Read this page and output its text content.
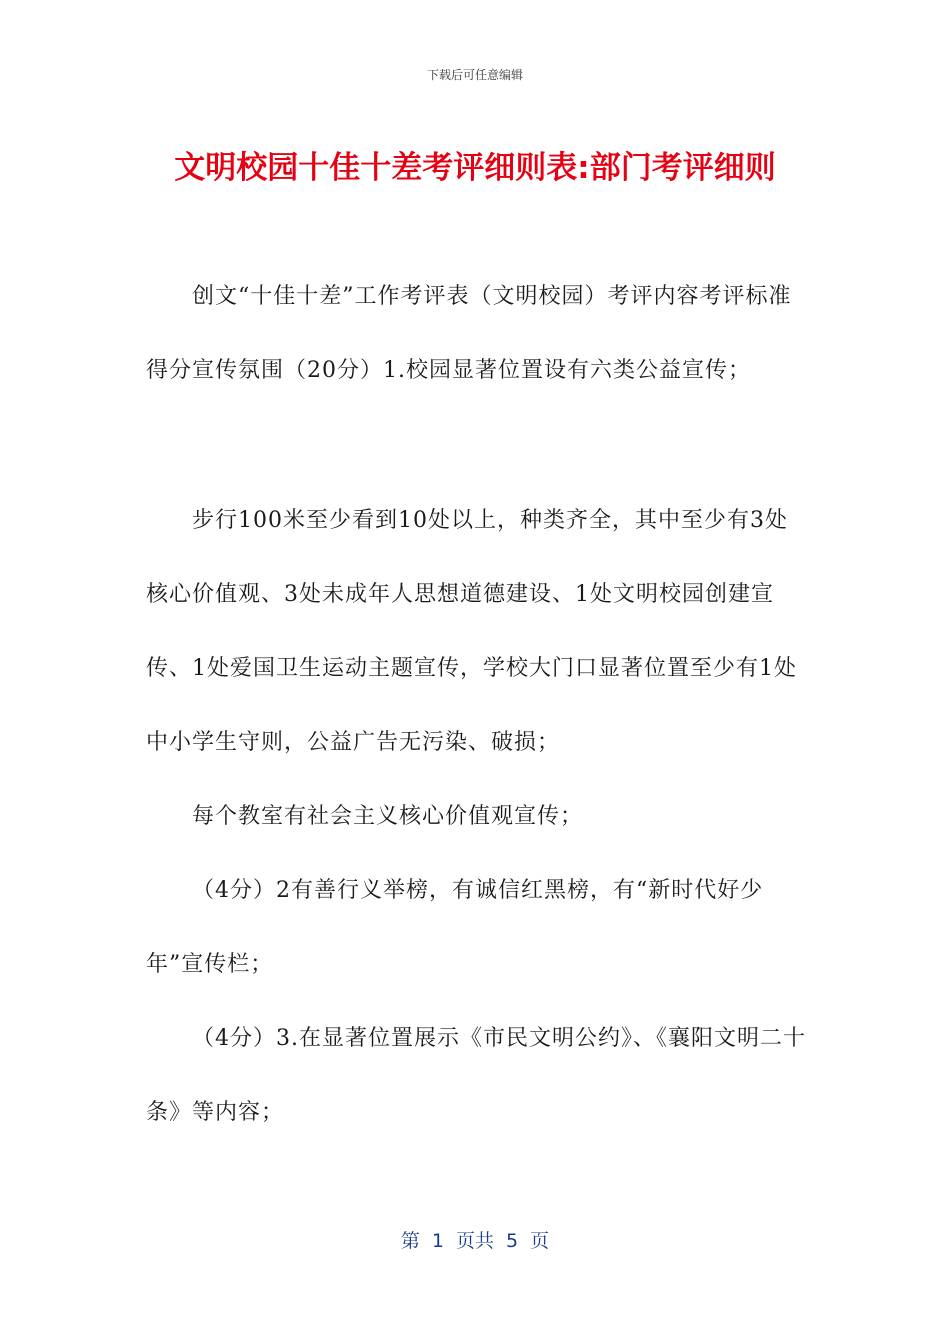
下载后可任意编辑
文明校园十佳十差考评细则表:部门考评细则

创文“十佳十差”工作考评表（文明校园）考评内容考评标准得分宣传氛围（20分）1.校园显著位置设有六类公益宣传；

步行100米至少看到10处以上，种类齐全，其中至少有3处核心价值观、3处未成年人思想道德建设、1处文明校园创建宣传、1处爱国卫生运动主题宣传，学校大门口显著位置至少有1处中小学生守则，公益广告无污染、破损；

每个教室有社会主义核心价值观宣传；

（4分）2有善行义举榜，有诚信红黑榜，有“新时代好少年”宣传栏；

（4分）3.在显著位置展示《市民文明公约》、《襄阳文明二十条》等内容；

第 1 页共 5 页
